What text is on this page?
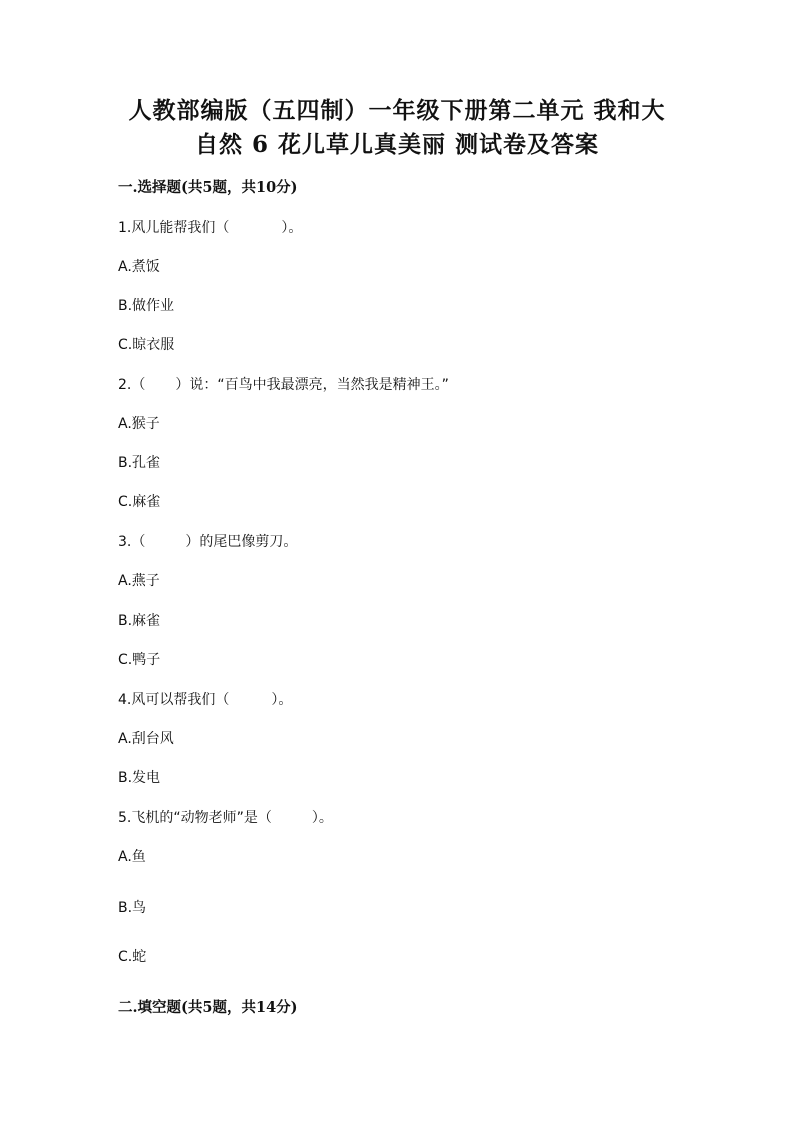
人教部编版（五四制）一年级下册第二单元 我和大
自然 6 花儿草儿真美丽 测试卷及答案
一.选择题(共5题，共10分)
1.风儿能帮我们（	）。
A.煮饭
B.做作业
C.晾衣服
2.（ ）说：“百鸟中我最漂亮，当然我是精神王。”
A.猴子
B.孔雀
C.麻雀
3.（	）的尾巴像剪刀。
A.燕子
B.麻雀
C.鸭子
4.风可以帮我们（	）。
A.刮台风
B.发电
5.飞机的“动物老师”是（	）。
A.鱼
B.鸟
C.蛇
二.填空题(共5题，共14分)
